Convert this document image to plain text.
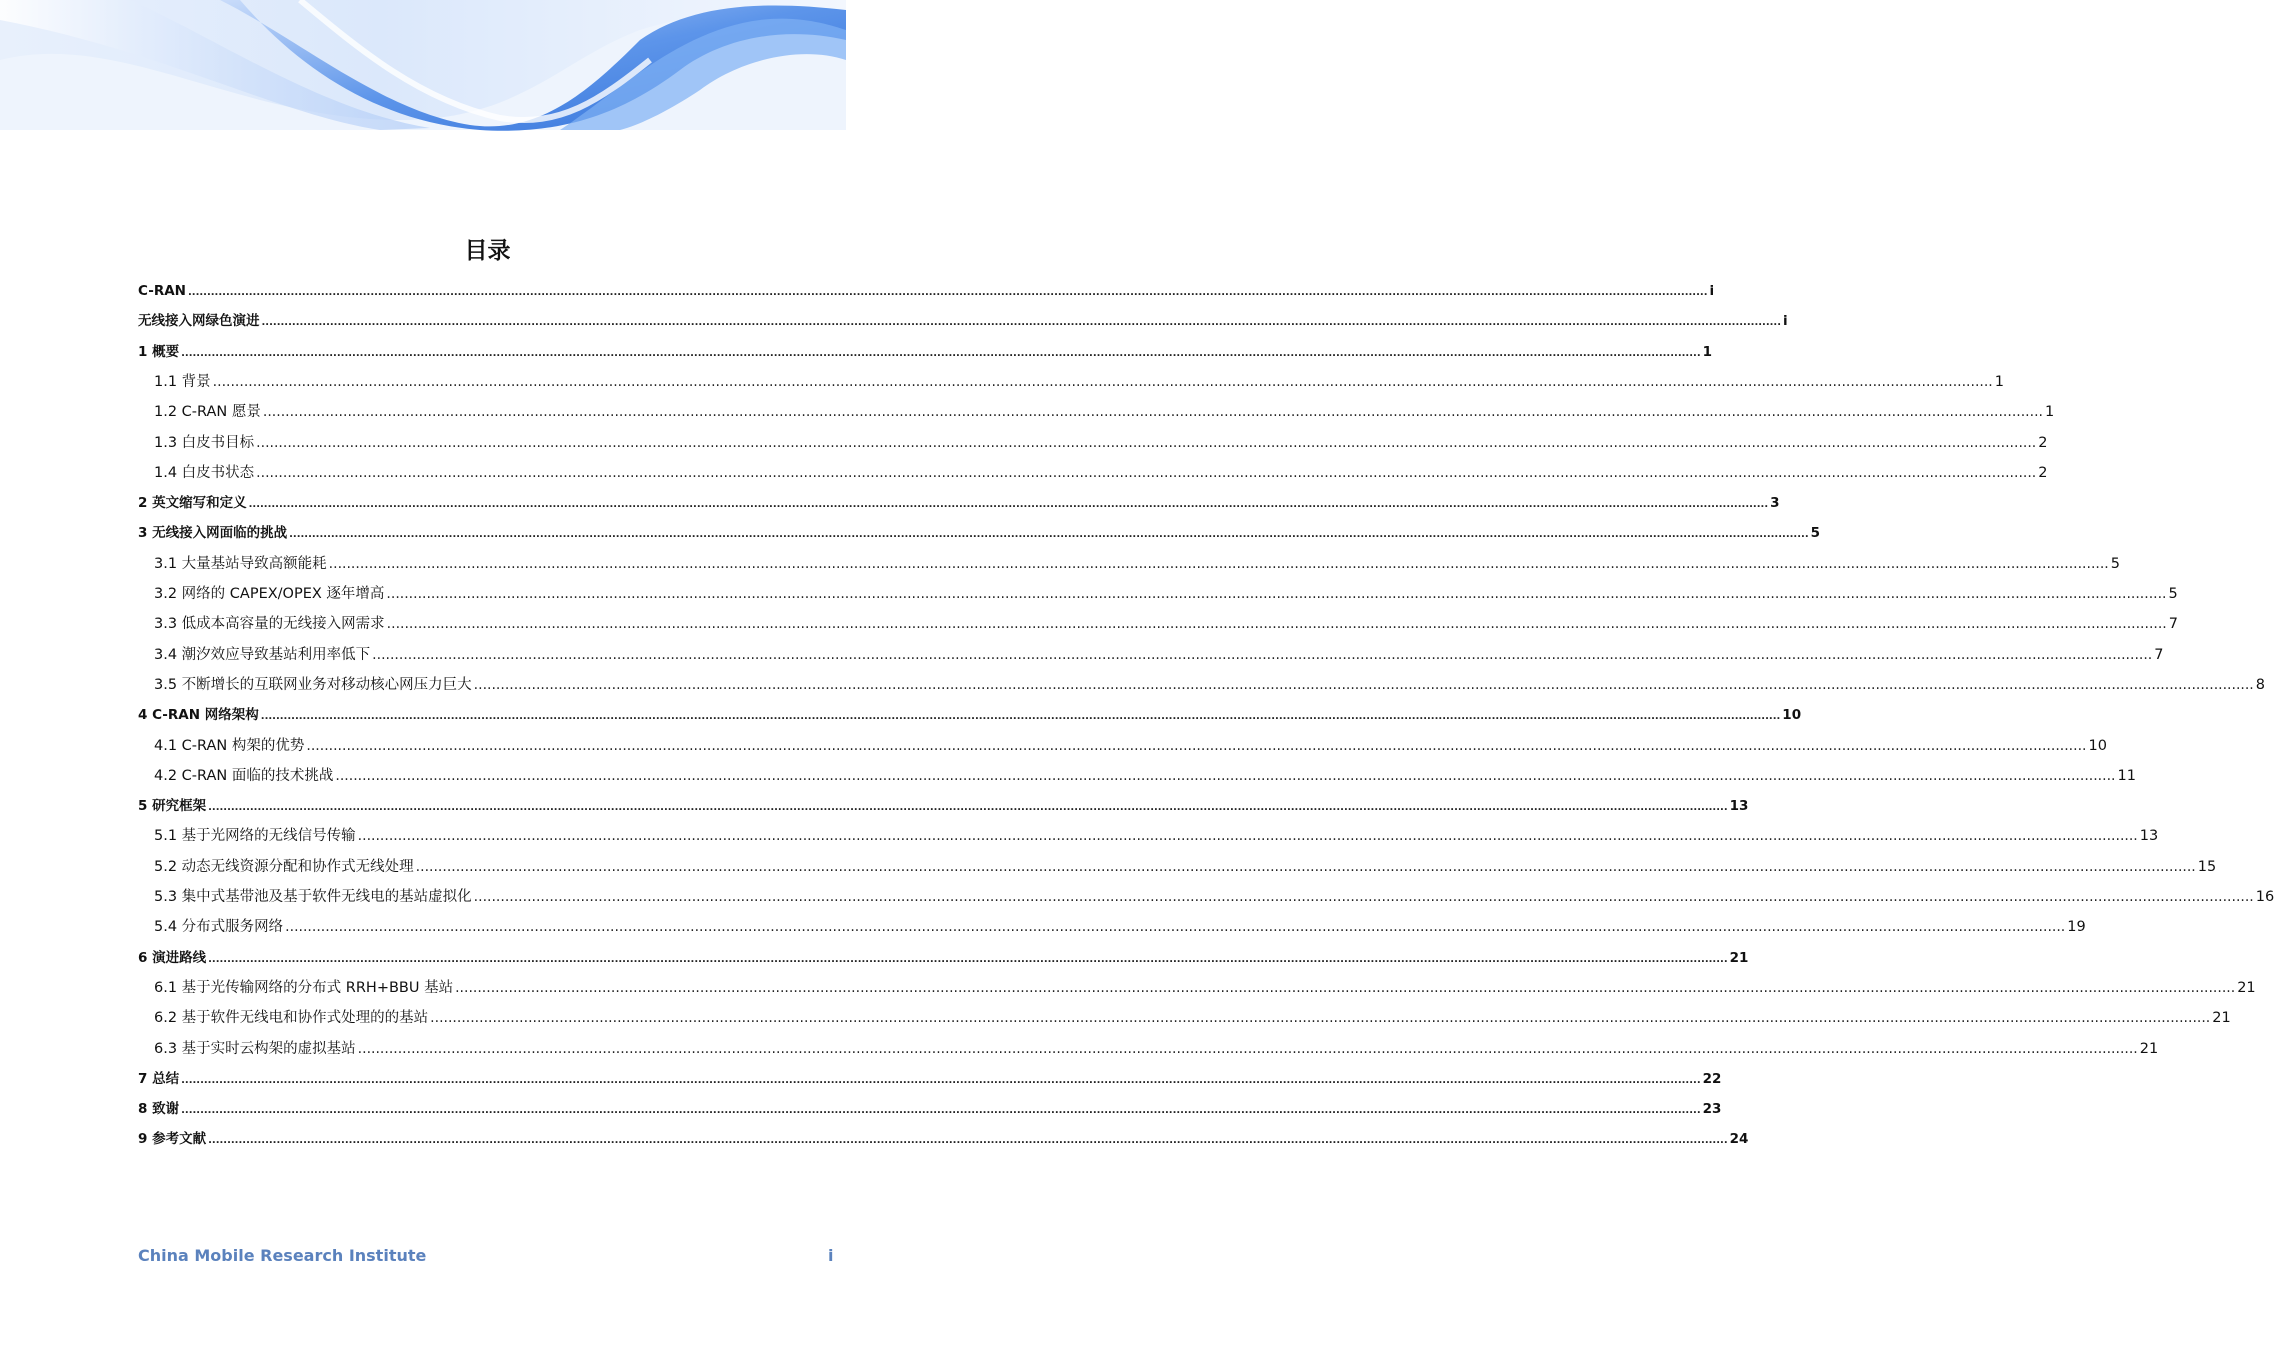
目录
C-RAN ................................................................................................................................................................................................................................................................................................................................................................................................................ i
无线接入网绿色演进 ................................................................................................................................................................................................................................................................................................................................................................................................................ i
1 概要 ................................................................................................................................................................................................................................................................................................................................................................................................................ 1
1.1 背景 ................................................................................................................................................................................................................................................................................................................................................................................................................ 1
1.2 C-RAN 愿景 ................................................................................................................................................................................................................................................................................................................................................................................................................ 1
1.3 白皮书目标 ................................................................................................................................................................................................................................................................................................................................................................................................................ 2
1.4 白皮书状态 ................................................................................................................................................................................................................................................................................................................................................................................................................ 2
2 英文缩写和定义 ................................................................................................................................................................................................................................................................................................................................................................................................................ 3
3 无线接入网面临的挑战 ................................................................................................................................................................................................................................................................................................................................................................................................................ 5
3.1 大量基站导致高额能耗 ................................................................................................................................................................................................................................................................................................................................................................................................................ 5
3.2 网络的 CAPEX/OPEX 逐年增高 ................................................................................................................................................................................................................................................................................................................................................................................................................ 5
3.3 低成本高容量的无线接入网需求 ................................................................................................................................................................................................................................................................................................................................................................................................................ 7
3.4 潮汐效应导致基站利用率低下 ................................................................................................................................................................................................................................................................................................................................................................................................................ 7
3.5 不断增长的互联网业务对移动核心网压力巨大 ................................................................................................................................................................................................................................................................................................................................................................................................................ 8
4 C-RAN 网络架构 ................................................................................................................................................................................................................................................................................................................................................................................................................ 10
4.1 C-RAN 构架的优势 ................................................................................................................................................................................................................................................................................................................................................................................................................ 10
4.2 C-RAN 面临的技术挑战 ................................................................................................................................................................................................................................................................................................................................................................................................................ 11
5 研究框架 ................................................................................................................................................................................................................................................................................................................................................................................................................ 13
5.1 基于光网络的无线信号传输 ................................................................................................................................................................................................................................................................................................................................................................................................................ 13
5.2 动态无线资源分配和协作式无线处理 ................................................................................................................................................................................................................................................................................................................................................................................................................ 15
5.3 集中式基带池及基于软件无线电的基站虚拟化 ................................................................................................................................................................................................................................................................................................................................................................................................................ 16
5.4 分布式服务网络 ................................................................................................................................................................................................................................................................................................................................................................................................................ 19
6 演进路线 ................................................................................................................................................................................................................................................................................................................................................................................................................ 21
6.1 基于光传输网络的分布式 RRH+BBU 基站 ................................................................................................................................................................................................................................................................................................................................................................................................................ 21
6.2 基于软件无线电和协作式处理的的基站 ................................................................................................................................................................................................................................................................................................................................................................................................................ 21
6.3 基于实时云构架的虚拟基站 ................................................................................................................................................................................................................................................................................................................................................................................................................ 21
7 总结 ................................................................................................................................................................................................................................................................................................................................................................................................................ 22
8 致谢 ................................................................................................................................................................................................................................................................................................................................................................................................................ 23
9 参考文献 ................................................................................................................................................................................................................................................................................................................................................................................................................ 24
China Mobile Research Institute	i
